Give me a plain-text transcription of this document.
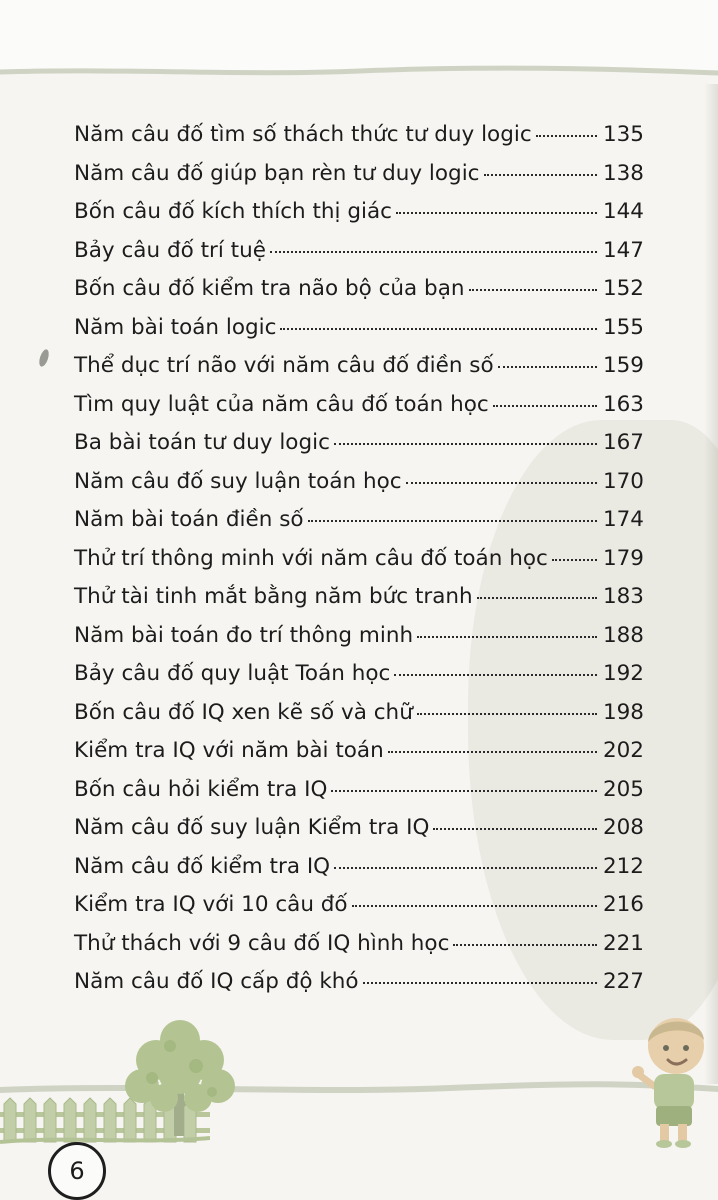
Năm câu đố tìm số thách thức tư duy logic	135
Năm câu đố giúp bạn rèn tư duy logic	138
Bốn câu đố kích thích thị giác	144
Bảy câu đố trí tuệ	147
Bốn câu đố kiểm tra não bộ của bạn	152
Năm bài toán logic	155
Thể dục trí não với năm câu đố điền số	159
Tìm quy luật của năm câu đố toán học	163
Ba bài toán tư duy logic	167
Năm câu đố suy luận toán học	170
Năm bài toán điền số	174
Thử trí thông minh với năm câu đố toán học	179
Thử tài tinh mắt bằng năm bức tranh	183
Năm bài toán đo trí thông minh	188
Bảy câu đố quy luật Toán học	192
Bốn câu đố IQ xen kẽ số và chữ	198
Kiểm tra IQ với năm bài toán	202
Bốn câu hỏi kiểm tra IQ	205
Năm câu đố suy luận Kiểm tra IQ	208
Năm câu đố kiểm tra IQ	212
Kiểm tra IQ với 10 câu đố	216
Thử thách với 9 câu đố IQ hình học	221
Năm câu đố IQ cấp độ khó	227
6
